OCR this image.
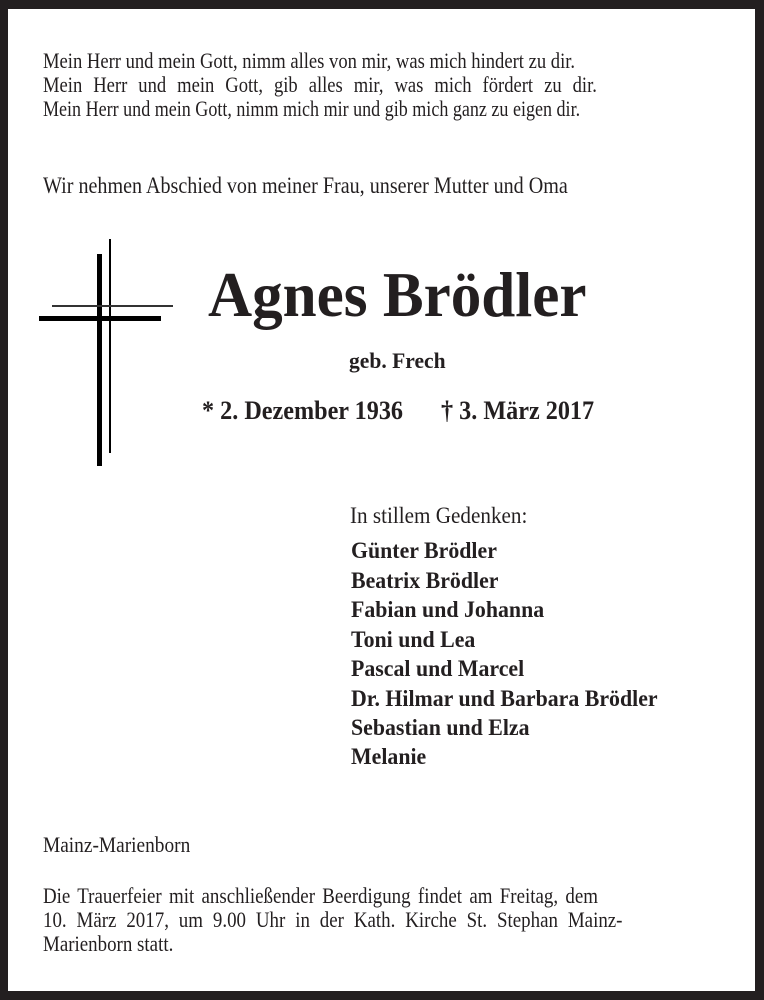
Mein Herr und mein Gott, nimm alles von mir, was mich hindert zu dir.
Mein Herr und mein Gott, gib alles mir, was mich fördert zu dir.
Mein Herr und mein Gott, nimm mich mir und gib mich ganz zu eigen dir.
Wir nehmen Abschied von meiner Frau, unserer Mutter und Oma
Agnes Brödler
geb. Frech
* 2. Dezember 1936 † 3. März 2017
In stillem Gedenken:
Günter Brödler
Beatrix Brödler
Fabian und Johanna
Toni und Lea
Pascal und Marcel
Dr. Hilmar und Barbara Brödler
Sebastian und Elza
Melanie
Mainz-Marienborn
Die Trauerfeier mit anschließender Beerdigung findet am Freitag, dem
10. März 2017, um 9.00 Uhr in der Kath. Kirche St. Stephan Mainz-
Marienborn statt.
